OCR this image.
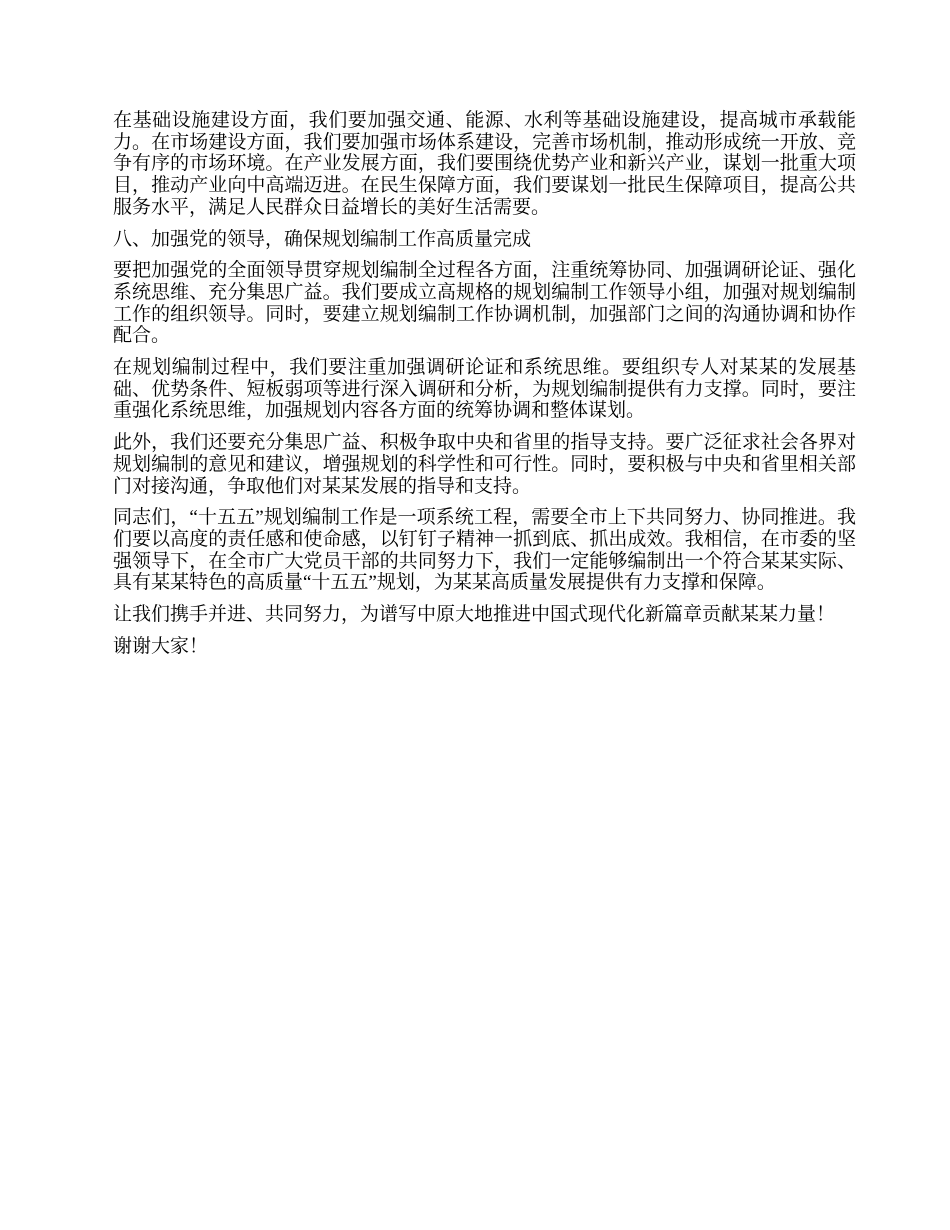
在基础设施建设方面，我们要加强交通、能源、水利等基础设施建设，提高城市承载能力。在市场建设方面，我们要加强市场体系建设，完善市场机制，推动形成统一开放、竞争有序的市场环境。在产业发展方面，我们要围绕优势产业和新兴产业，谋划一批重大项目，推动产业向中高端迈进。在民生保障方面，我们要谋划一批民生保障项目，提高公共服务水平，满足人民群众日益增长的美好生活需要。

八、加强党的领导，确保规划编制工作高质量完成

要把加强党的全面领导贯穿规划编制全过程各方面，注重统筹协同、加强调研论证、强化系统思维、充分集思广益。我们要成立高规格的规划编制工作领导小组，加强对规划编制工作的组织领导。同时，要建立规划编制工作协调机制，加强部门之间的沟通协调和协作配合。

在规划编制过程中，我们要注重加强调研论证和系统思维。要组织专人对某某的发展基础、优势条件、短板弱项等进行深入调研和分析，为规划编制提供有力支撑。同时，要注重强化系统思维，加强规划内容各方面的统筹协调和整体谋划。

此外，我们还要充分集思广益、积极争取中央和省里的指导支持。要广泛征求社会各界对规划编制的意见和建议，增强规划的科学性和可行性。同时，要积极与中央和省里相关部门对接沟通，争取他们对某某发展的指导和支持。

同志们，“十五五”规划编制工作是一项系统工程，需要全市上下共同努力、协同推进。我们要以高度的责任感和使命感，以钉钉子精神一抓到底、抓出成效。我相信，在市委的坚强领导下，在全市广大党员干部的共同努力下，我们一定能够编制出一个符合某某实际、具有某某特色的高质量“十五五”规划，为某某高质量发展提供有力支撑和保障。

让我们携手并进、共同努力，为谱写中原大地推进中国式现代化新篇章贡献某某力量！

谢谢大家！
